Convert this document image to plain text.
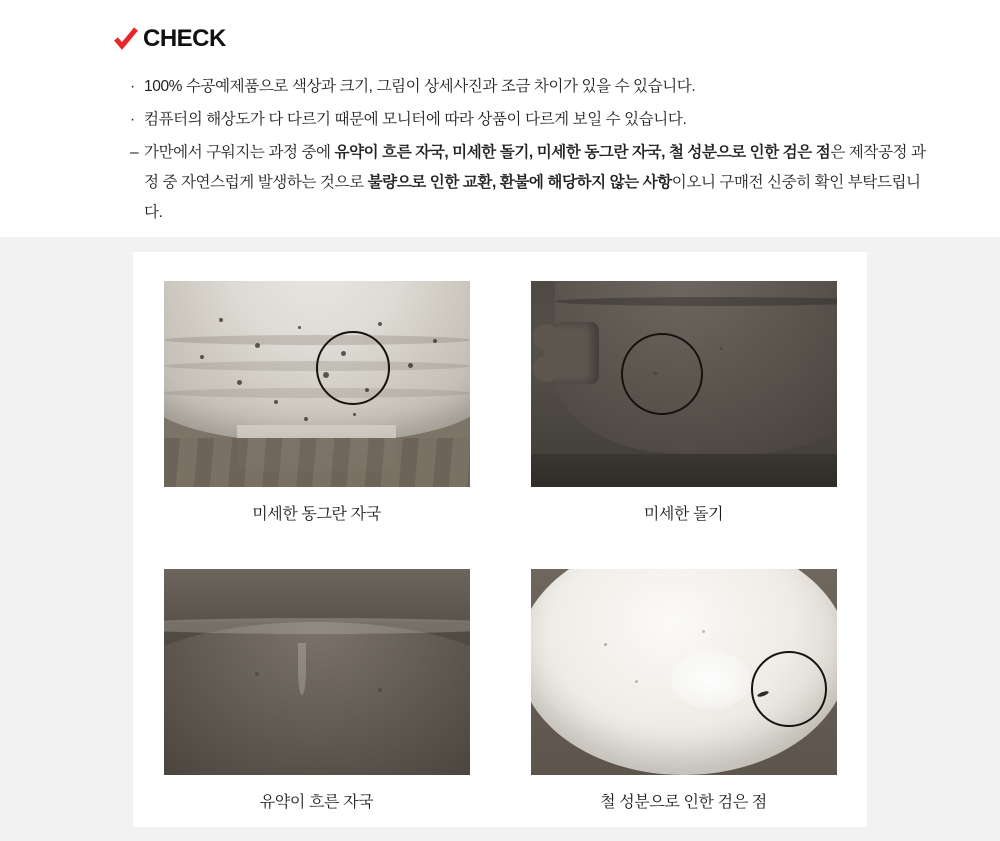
CHECK
· 100% 수공예제품으로 색상과 크기, 그림이 상세사진과 조금 차이가 있을 수 있습니다.
· 컴퓨터의 해상도가 다 다르기 때문에 모니터에 따라 상품이 다르게 보일 수 있습니다.
– 가만에서 구워지는 과정 중에 유약이 흐른 자국, 미세한 돌기, 미세한 동그란 자국, 철 성분으로 인한 검은 점은 제작공정 과정 중 자연스럽게 발생하는 것으로 불량으로 인한 교환, 환불에 해당하지 않는 사항이오니 구매전 신중히 확인 부탁드립니다.
미세한 동그란 자국	미세한 돌기
유약이 흐른 자국	철 성분으로 인한 검은 점
